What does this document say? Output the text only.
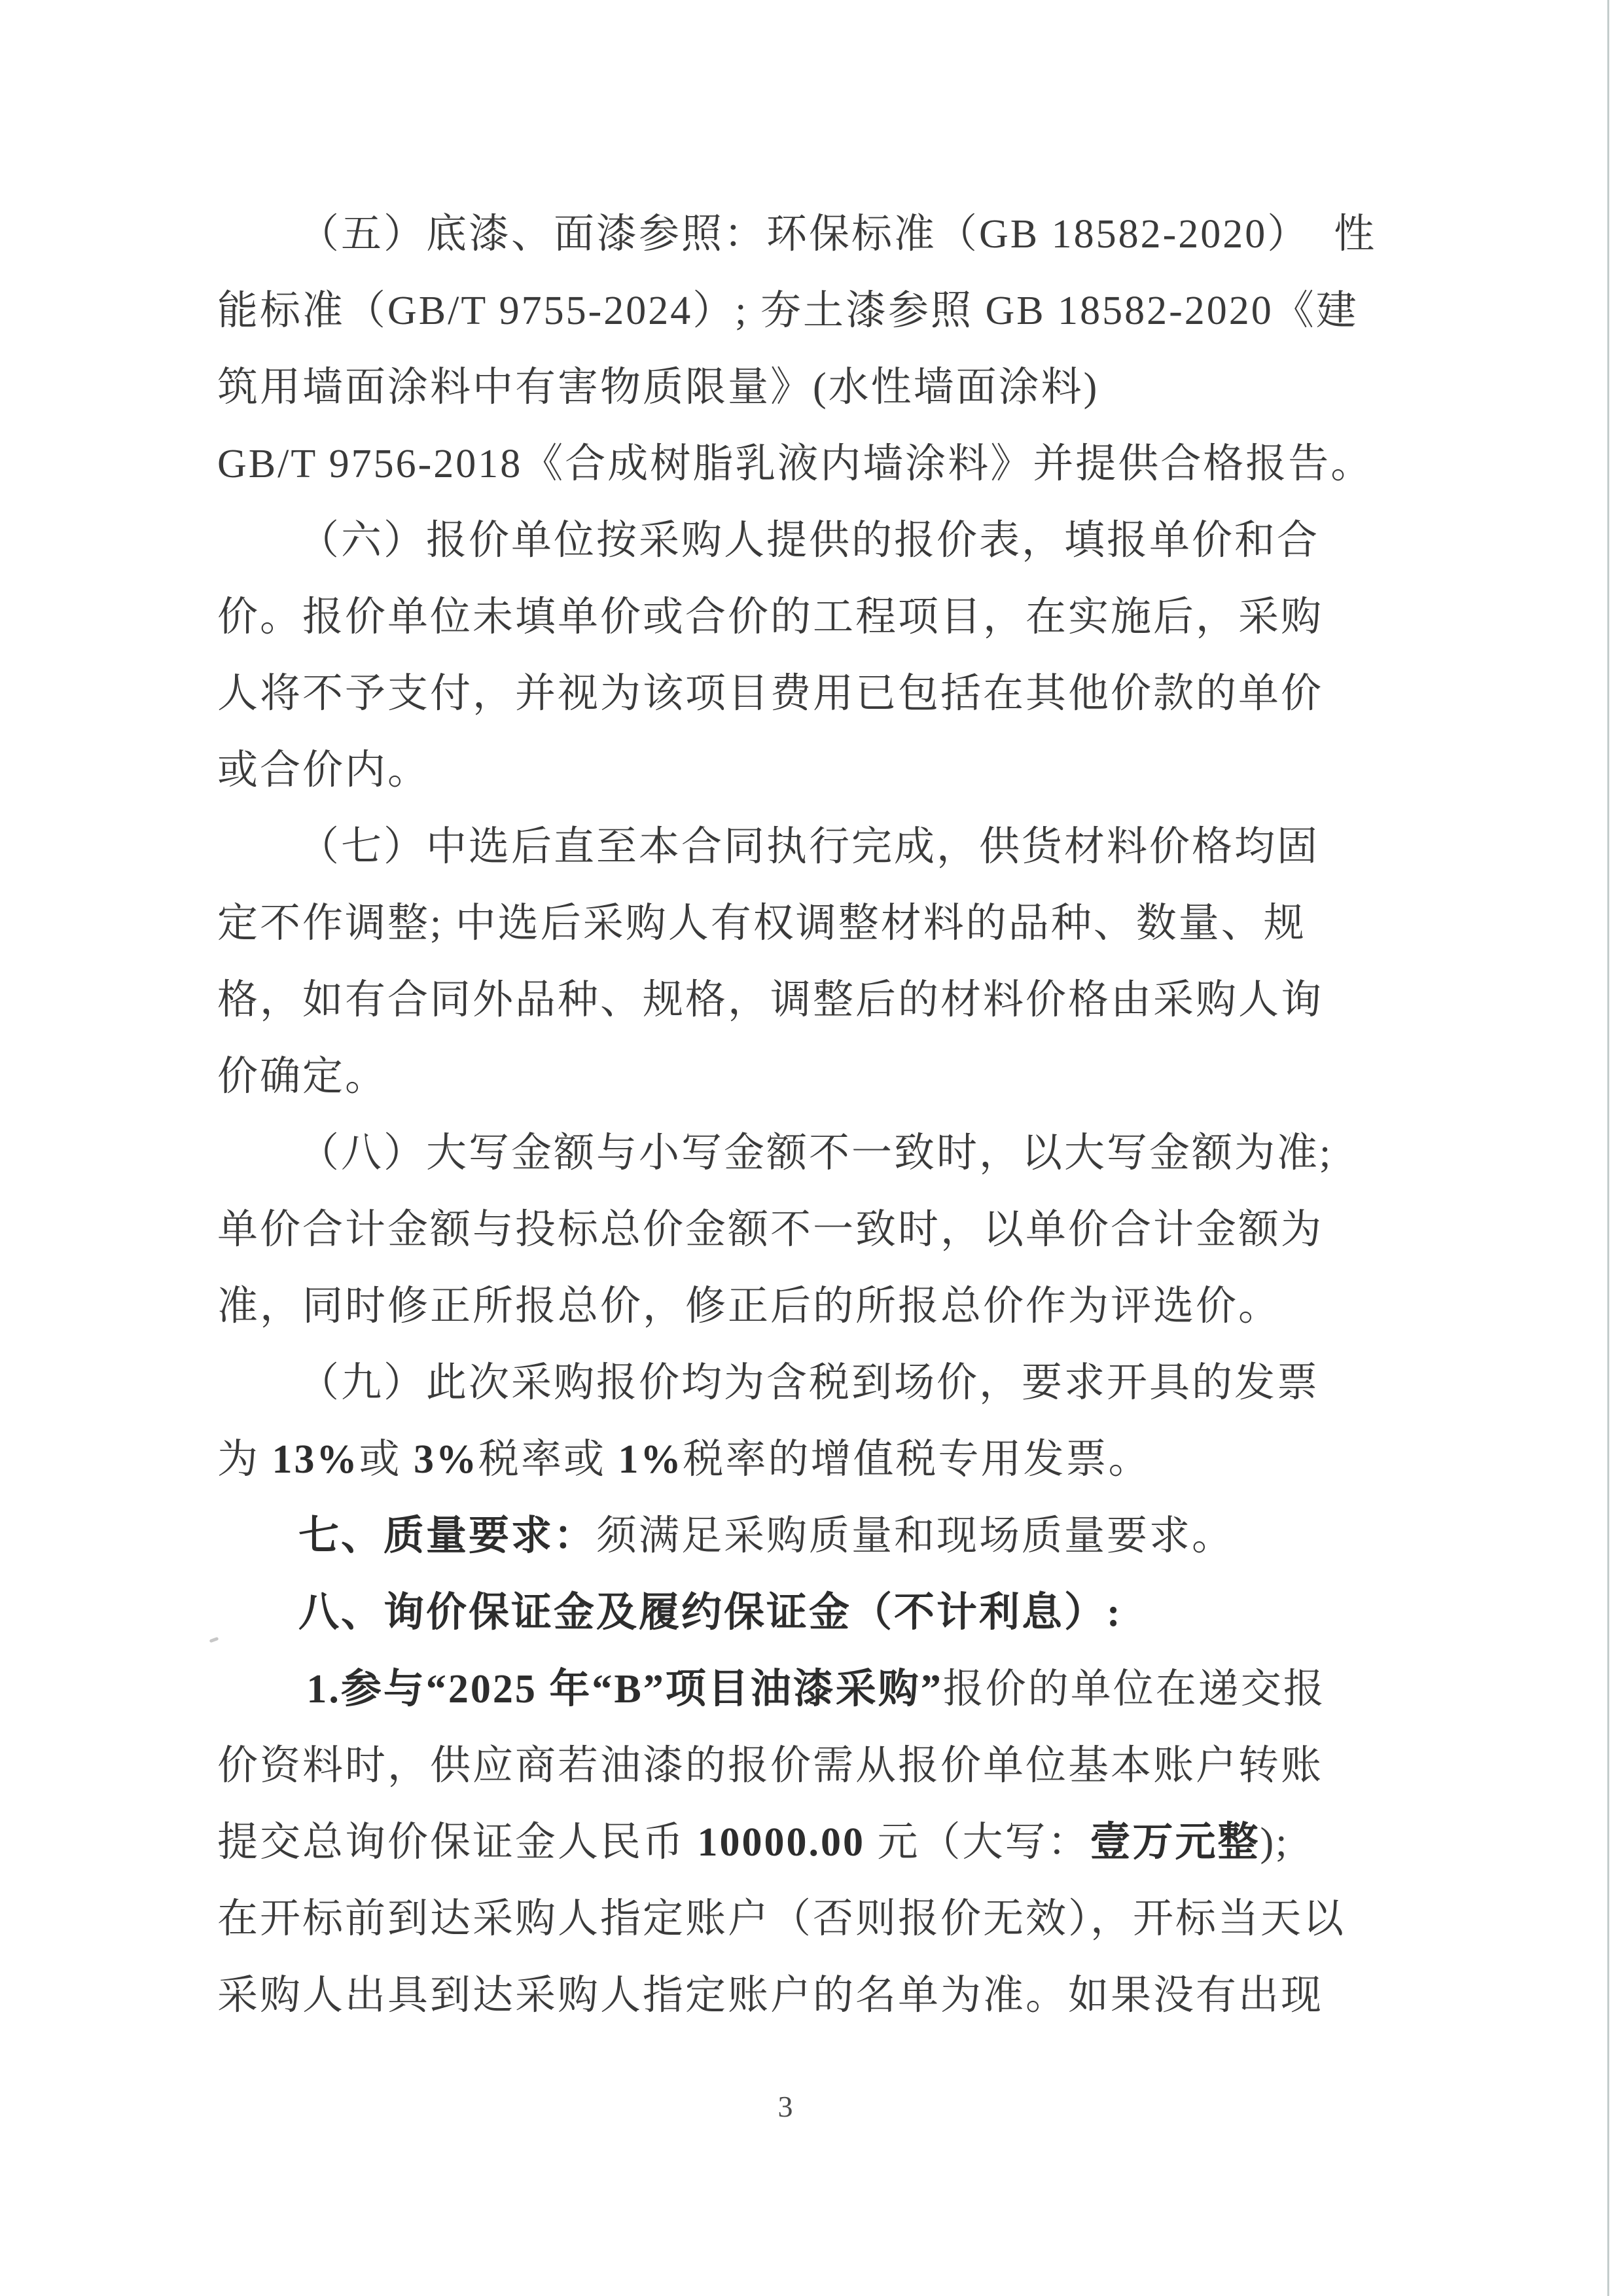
（五）底漆、面漆参照：环保标准（GB 18582-2020）  性
能标准（GB/T 9755-2024）; 夯土漆参照 GB 18582-2020《建
筑用墙面涂料中有害物质限量》(水性墙面涂料)
GB/T 9756-2018《合成树脂乳液内墙涂料》并提供合格报告。
（六）报价单位按采购人提供的报价表，填报单价和合
价。报价单位未填单价或合价的工程项目，在实施后，采购
人将不予支付，并视为该项目费用已包括在其他价款的单价
或合价内。
（七）中选后直至本合同执行完成，供货材料价格均固
定不作调整; 中选后采购人有权调整材料的品种、数量、规
格，如有合同外品种、规格，调整后的材料价格由采购人询
价确定。
（八）大写金额与小写金额不一致时，以大写金额为准;
单价合计金额与投标总价金额不一致时，以单价合计金额为
准，同时修正所报总价，修正后的所报总价作为评选价。
（九）此次采购报价均为含税到场价，要求开具的发票
为 13%或 3%税率或 1%税率的增值税专用发票。
七、质量要求：须满足采购质量和现场质量要求。
八、询价保证金及履约保证金（不计利息）:
1.参与“2025 年“B”项目油漆采购”报价的单位在递交报
价资料时，供应商若油漆的报价需从报价单位基本账户转账
提交总询价保证金人民币 10000.00 元（大写：壹万元整);
在开标前到达采购人指定账户（否则报价无效），开标当天以
采购人出具到达采购人指定账户的名单为准。如果没有出现
3
